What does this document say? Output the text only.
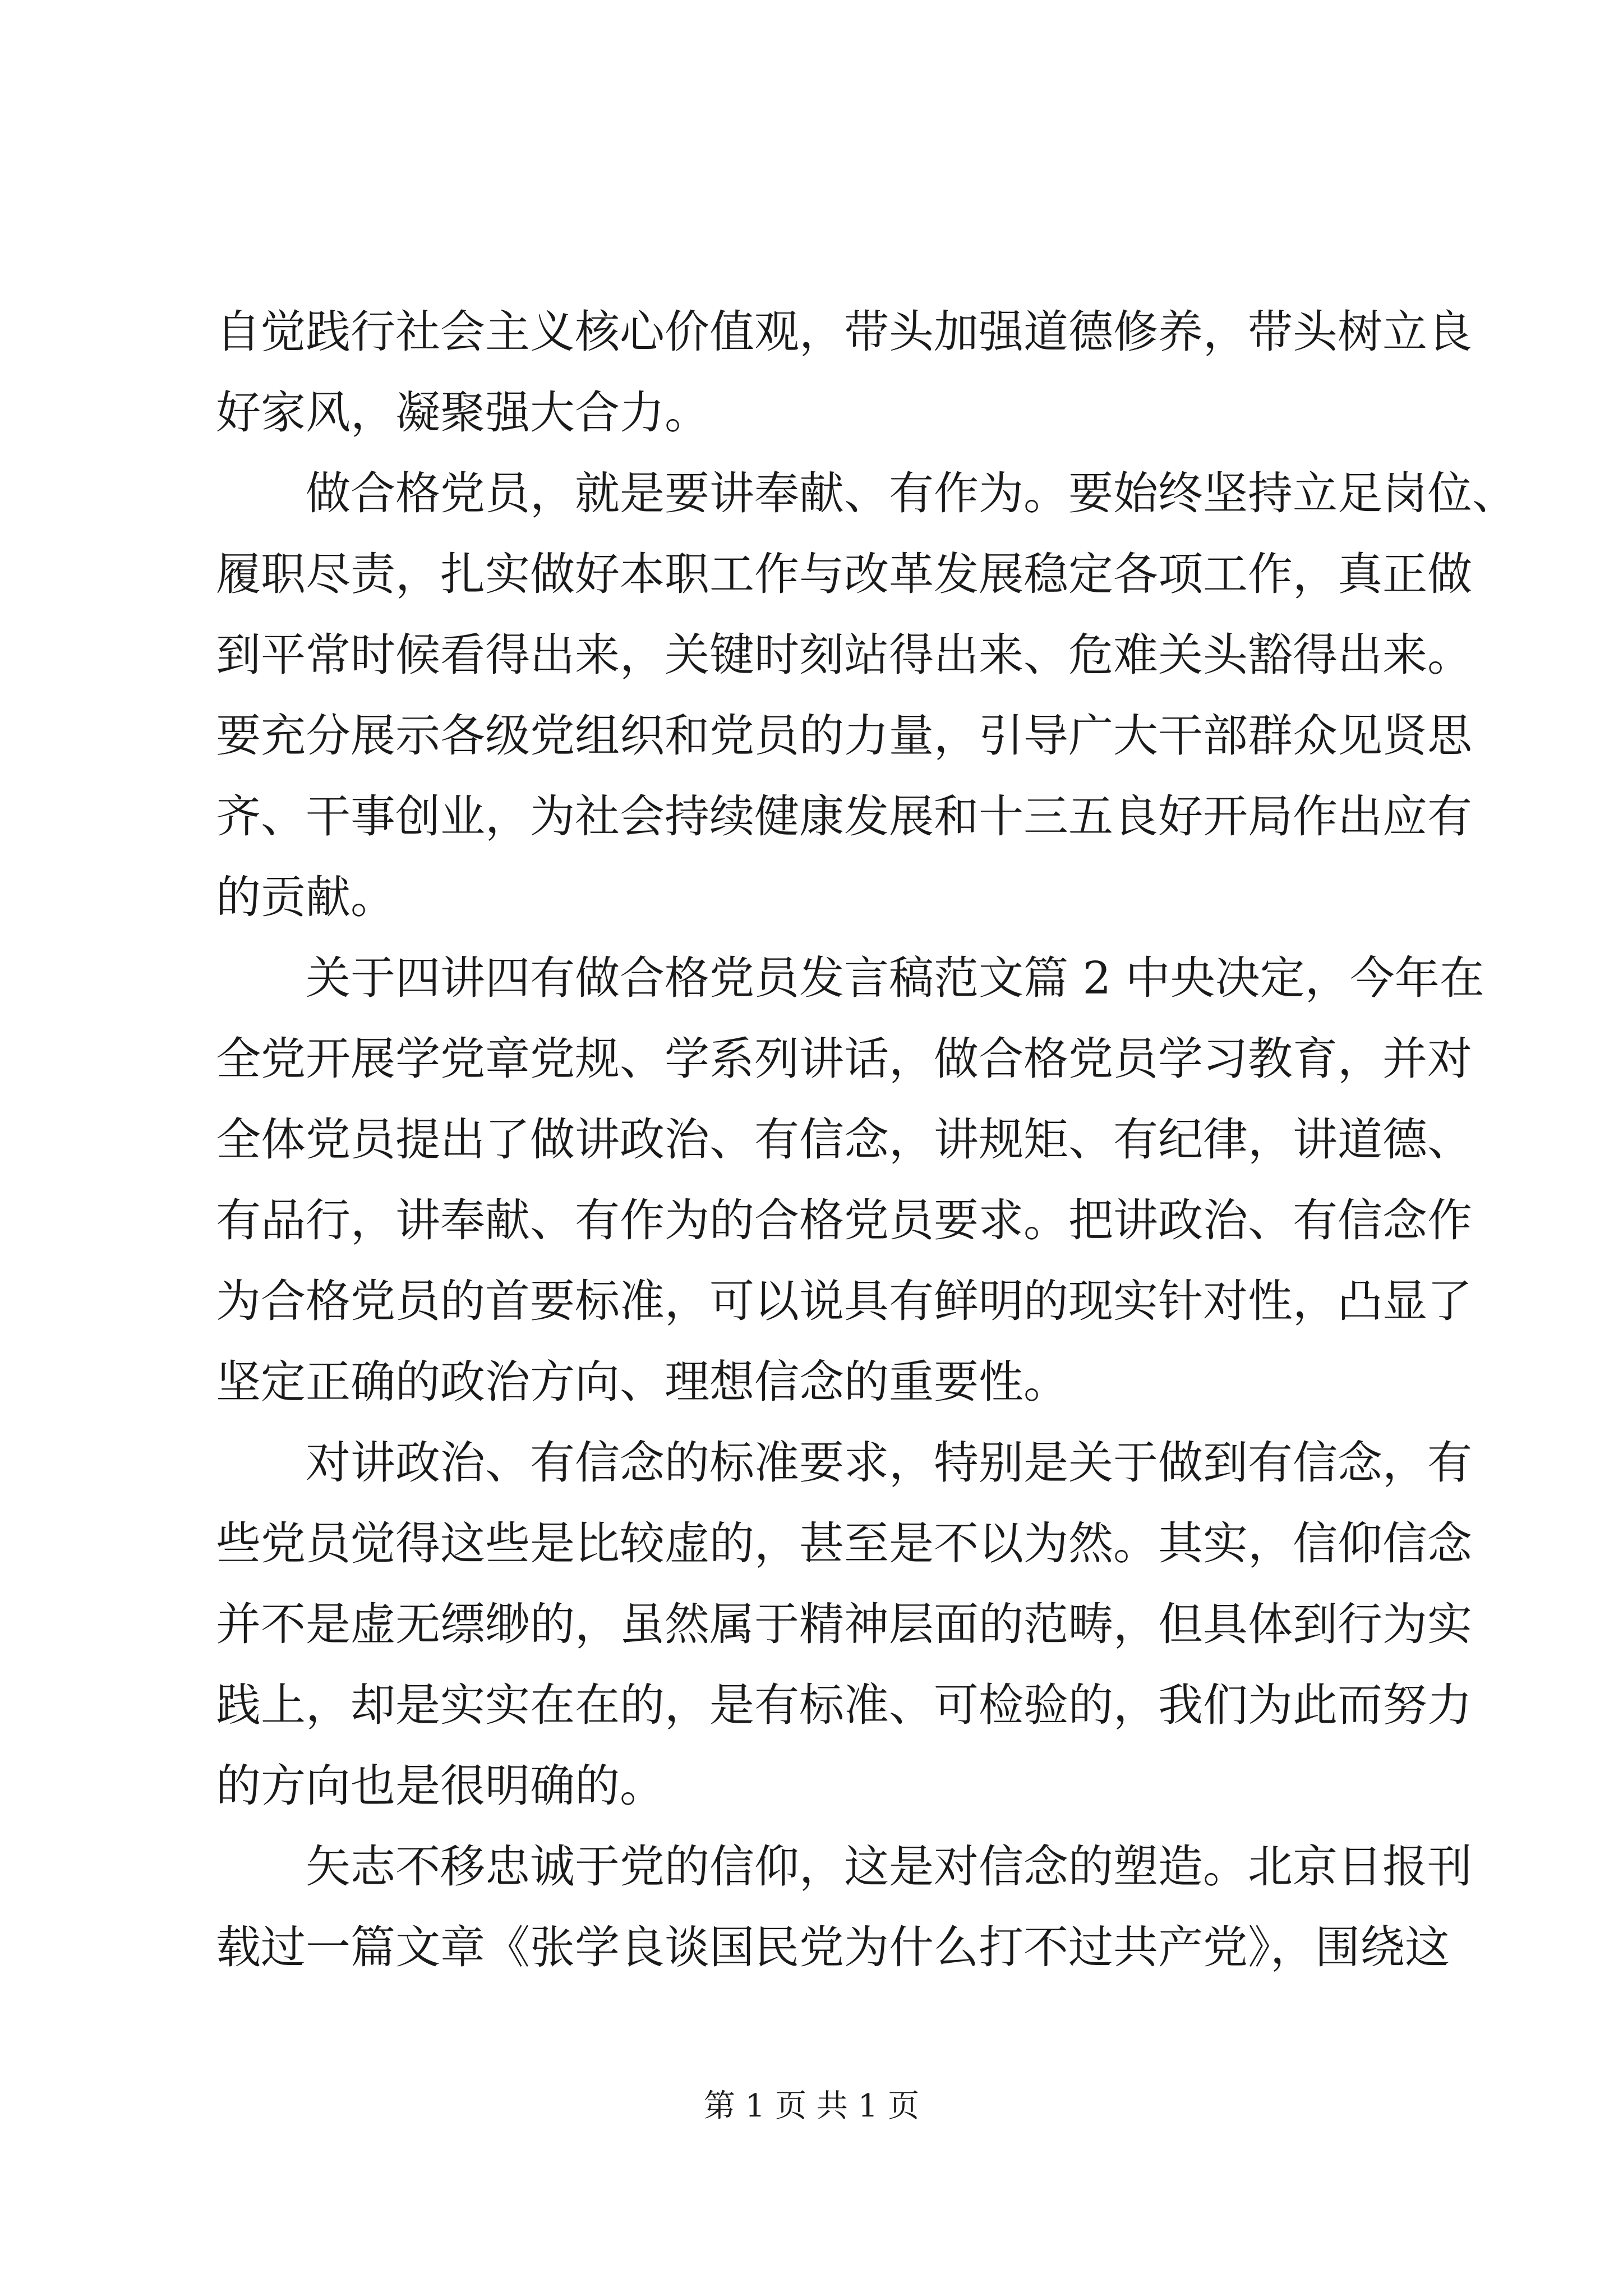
自觉践行社会主义核心价值观，带头加强道德修养，带头树立良
好家风，凝聚强大合力。
做合格党员，就是要讲奉献、有作为。要始终坚持立足岗位、
履职尽责，扎实做好本职工作与改革发展稳定各项工作，真正做
到平常时候看得出来，关键时刻站得出来、危难关头豁得出来。
要充分展示各级党组织和党员的力量，引导广大干部群众见贤思
齐、干事创业，为社会持续健康发展和十三五良好开局作出应有
的贡献。
关于四讲四有做合格党员发言稿范文篇 2 中央决定，今年在
全党开展学党章党规、学系列讲话，做合格党员学习教育，并对
全体党员提出了做讲政治、有信念，讲规矩、有纪律，讲道德、
有品行，讲奉献、有作为的合格党员要求。把讲政治、有信念作
为合格党员的首要标准，可以说具有鲜明的现实针对性，凸显了
坚定正确的政治方向、理想信念的重要性。
对讲政治、有信念的标准要求，特别是关于做到有信念，有
些党员觉得这些是比较虚的，甚至是不以为然。其实，信仰信念
并不是虚无缥缈的，虽然属于精神层面的范畴，但具体到行为实
践上，却是实实在在的，是有标准、可检验的，我们为此而努力
的方向也是很明确的。
矢志不移忠诚于党的信仰，这是对信念的塑造。北京日报刊
载过一篇文章《张学良谈国民党为什么打不过共产党》，围绕这
第 1 页 共 1 页
